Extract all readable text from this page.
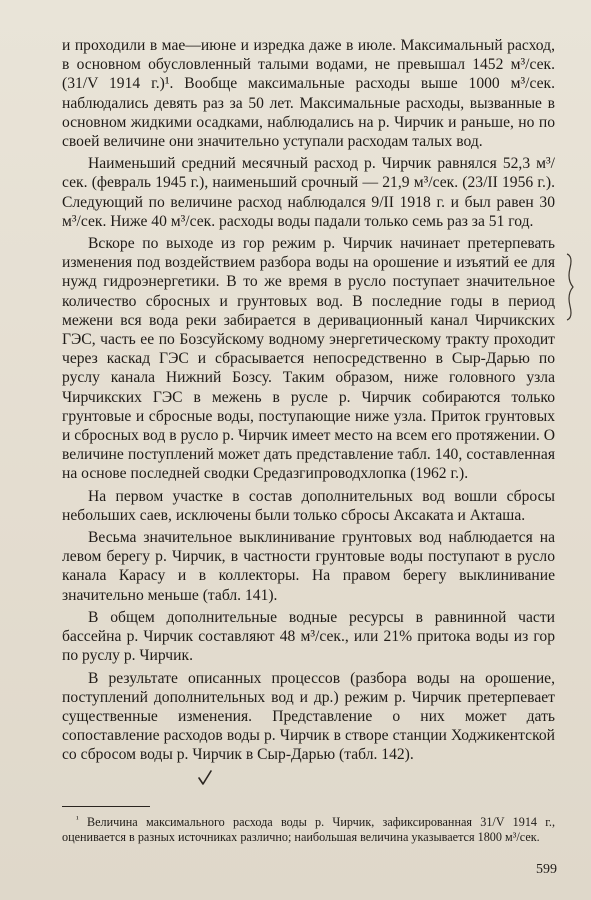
и проходили в мае—июне и изредка даже в июле. Максимальный расход, в основном обусловленный талыми водами, не превышал 1452 м³/сек. (31/V 1914 г.)¹. Вообще максимальные расходы выше 1000 м³/сек. наблюдались девять раз за 50 лет. Максимальные расходы, вызванные в основном жидкими осадками, наблюдались на р. Чирчик и раньше, но по своей величине они значительно уступали расходам талых вод.

Наименьший средний месячный расход р. Чирчик равнялся 52,3 м³/сек. (февраль 1945 г.), наименьший срочный — 21,9 м³/сек. (23/II 1956 г.). Следующий по величине расход наблюдался 9/II 1918 г. и был равен 30 м³/сек. Ниже 40 м³/сек. расходы воды падали только семь раз за 51 год.

Вскоре по выходе из гор режим р. Чирчик начинает претерпевать изменения под воздействием разбора воды на орошение и изъятий ее для нужд гидроэнергетики. В то же время в русло поступает значительное количество сбросных и грунтовых вод. В последние годы в период межени вся вода реки забирается в деривационный канал Чирчикских ГЭС, часть ее по Бозсуйскому водному энергетическому тракту проходит через каскад ГЭС и сбрасывается непосредственно в Сыр-Дарью по руслу канала Нижний Бозсу. Таким образом, ниже головного узла Чирчикских ГЭС в межень в русле р. Чирчик собираются только грунтовые и сбросные воды, поступающие ниже узла. Приток грунтовых и сбросных вод в русло р. Чирчик имеет место на всем его протяжении. О величине поступлений может дать представление табл. 140, составленная на основе последней сводки Средазгипроводхлопка (1962 г.).

На первом участке в состав дополнительных вод вошли сбросы небольших саев, исключены были только сбросы Аксаката и Акташа.

Весьма значительное выклинивание грунтовых вод наблюдается на левом берегу р. Чирчик, в частности грунтовые воды поступают в русло канала Карасу и в коллекторы. На правом берегу выклинивание значительно меньше (табл. 141).

В общем дополнительные водные ресурсы в равнинной части бассейна р. Чирчик составляют 48 м³/сек., или 21% притока воды из гор по руслу р. Чирчик.

В результате описанных процессов (разбора воды на орошение, поступлений дополнительных вод и др.) режим р. Чирчик претерпевает существенные изменения. Представление о них может дать сопоставление расходов воды р. Чирчик в створе станции Ходжикентской со сбросом воды р. Чирчик в Сыр-Дарью (табл. 142).

$^{^1}$ Величина максимального расхода воды р. Чирчик, зафиксированная 31/V 1914 г., оценивается в разных источниках различно; наибольшая величина указывается 1800 м³/сек.

599
